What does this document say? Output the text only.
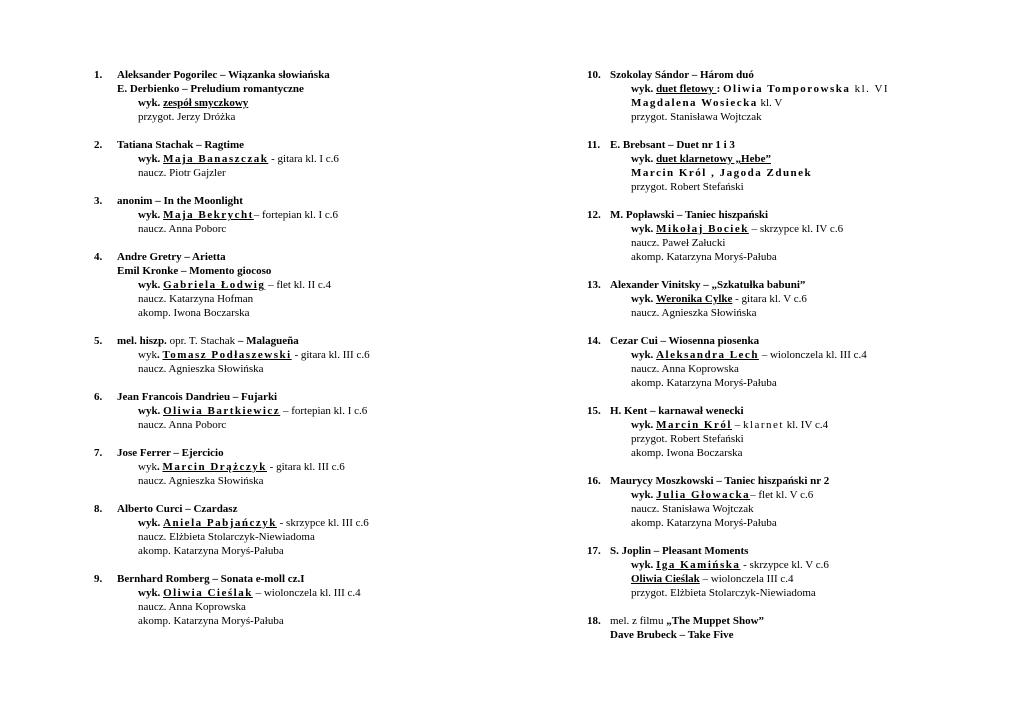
1. Aleksander Pogorilec – Wiązanka słowiańska
E. Derbienko – Preludium romantyczne
wyk. zespół smyczkowy
przygot. Jerzy Dróżka
2. Tatiana Stachak – Ragtime
wyk. Maja Banaszczak - gitara kl. I c.6
naucz. Piotr Gajzler
3. anonim – In the Moonlight
wyk. Maja Bekrycht– fortepian kl. I c.6
naucz. Anna Poborc
4. Andre Gretry – Arietta
Emil Kronke – Momento giocoso
wyk. Gabriela Łodwig – flet kl. II c.4
naucz. Katarzyna Hofman
akomp. Iwona Boczarska
5. mel. hiszp. opr. T. Stachak – Malagueña
wyk. Tomasz Podłaszewski - gitara kl. III c.6
naucz. Agnieszka Słowińska
6. Jean Francois Dandrieu – Fujarki
wyk. Oliwia Bartkiewicz – fortepian kl. I c.6
naucz. Anna Poborc
7. Jose Ferrer – Ejercicio
wyk. Marcin Drążczyk - gitara kl. III c.6
naucz. Agnieszka Słowińska
8. Alberto Curci – Czardasz
wyk. Aniela Pabjańczyk - skrzypce kl. III c.6
naucz. Elżbieta Stolarczyk-Niewiadoma
akomp. Katarzyna Moryś-Pałuba
9. Bernhard Romberg – Sonata e-moll cz.I
wyk. Oliwia Cieślak – wiolonczela kl. III c.4
naucz. Anna Koprowska
akomp. Katarzyna Moryś-Pałuba
10. Szokolay Sándor – Három duó
wyk. duet fletowy : Oliwia Tomporowska kl. VI
Magdalena Wosiecka kl. V
przygot. Stanisława Wojtczak
11. E. Brebsant – Duet nr 1 i 3
wyk. duet klarnetowy „Hebe”
Marcin Król , Jagoda Zdunek
przygot. Robert Stefański
12. M. Popławski – Taniec hiszpański
wyk. Mikołaj Bociek – skrzypce kl. IV c.6
naucz. Paweł Załucki
akomp. Katarzyna Moryś-Pałuba
13. Alexander Vinitsky – „Szkatułka babuni”
wyk. Weronika Cylke - gitara kl. V c.6
naucz. Agnieszka Słowińska
14. Cezar Cui – Wiosenna piosenka
wyk. Aleksandra Lech – wiolonczela kl. III c.4
naucz. Anna Koprowska
akomp. Katarzyna Moryś-Pałuba
15. H. Kent – karnawał wenecki
wyk. Marcin Król – klarnet kl. IV c.4
przygot. Robert Stefański
akomp. Iwona Boczarska
16. Maurycy Moszkowski – Taniec hiszpański nr 2
wyk. Julia Głowacka– flet kl. V c.6
naucz. Stanisława Wojtczak
akomp. Katarzyna Moryś-Pałuba
17. S. Joplin – Pleasant Moments
wyk. Iga Kamińska - skrzypce kl. V c.6
Oliwia Cieślak – wiolonczela III c.4
przygot. Elżbieta Stolarczyk-Niewiadoma
18. mel. z filmu „The Muppet Show”
Dave Brubeck – Take Five
